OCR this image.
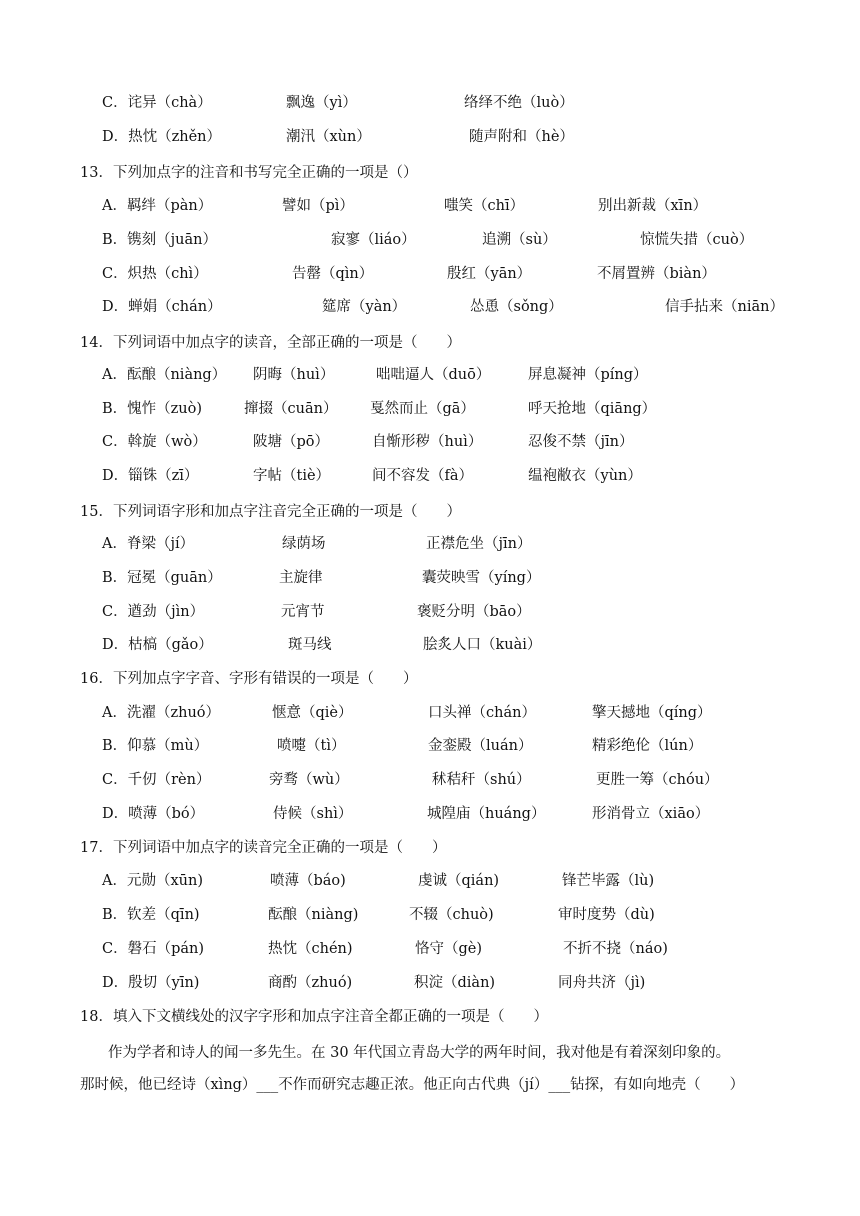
C．诧异（chà）	飘逸（yì）	络绎不绝（luò）
D．热忱（zhěn）	潮汛（xùn）	随声附和（hè）
13．下列加点字的注音和书写完全正确的一项是（）
A．羁绊（pàn）	譬如（pì）	嗤笑（chī）	别出新裁（xīn）
B．镌刻（juān）	寂寥（liáo）	追溯（sù）	惊慌失措（cuò）
C．炽热（chì）	告罄（qìn）	殷红（yān）	不屑置辨（biàn）
D．蝉娟（chán）	筵席（yàn）	怂恿（sǒng）	信手拈来（niān）
14．下列词语中加点字的读音，全部正确的一项是（　　）
A．酝酿（niàng） 阴晦（huì）	咄咄逼人（duō）	屏息凝神（píng）
B．愧怍（zuò)	撺掇（cuān） 戛然而止（gā）	呼天抢地（qiāng）
C．斡旋（wò）	陂塘（pō）	自惭形秽（huì）	忍俊不禁（jīn）
D．锱铢（zī）	字帖（tiè）	间不容发（fà）	缊袍敝衣（yùn）
15．下列词语字形和加点字注音完全正确的一项是（　　）
A．脊梁（jí）	绿荫场	正襟危坐（jīn）
B．冠冕（guān）	主旋律	囊荧映雪（yíng）
C．遒劲（jìn）	元宵节	褒贬分明（bāo）
D．枯槁（gǎo）	斑马线	脍炙人口（kuài）
16．下列加点字字音、字形有错误的一项是（　　）
A．洗濯（zhuó）	惬意（qiè）	口头禅（chán）	擎天撼地（qíng）
B．仰慕（mù）	喷嚏（tì）	金銮殿（luán）	精彩绝伦（lún）
C．千仞（rèn）	旁骛（wù）	秫秸秆（shú）	更胜一筹（chóu）
D．喷薄（bó）	侍候（shì）	城隍庙（huáng）	形消骨立（xiāo）
17．下列词语中加点字的读音完全正确的一项是（　　）
A．元勋（xūn)	喷薄（báo)	虔诚（qián)	锋芒毕露（lù)
B．钦差（qīn)	酝酿（niàng)	不辍（chuò)	审时度势（dù)
C．磐石（pán)	热忱（chén)	恪守（gè)	不折不挠（náo)
D．殷切（yīn)	商酌（zhuó)	积淀（diàn)	同舟共济（jì)
18．填入下文横线处的汉字字形和加点字注音全都正确的一项是（　　）
作为学者和诗人的闻一多先生。在 30 年代国立青岛大学的两年时间，我对他是有着深刻印象的。
那时候，他已经诗（xìng）___不作而研究志趣正浓。他正向古代典（jí）___钻探，有如向地壳（　　）
